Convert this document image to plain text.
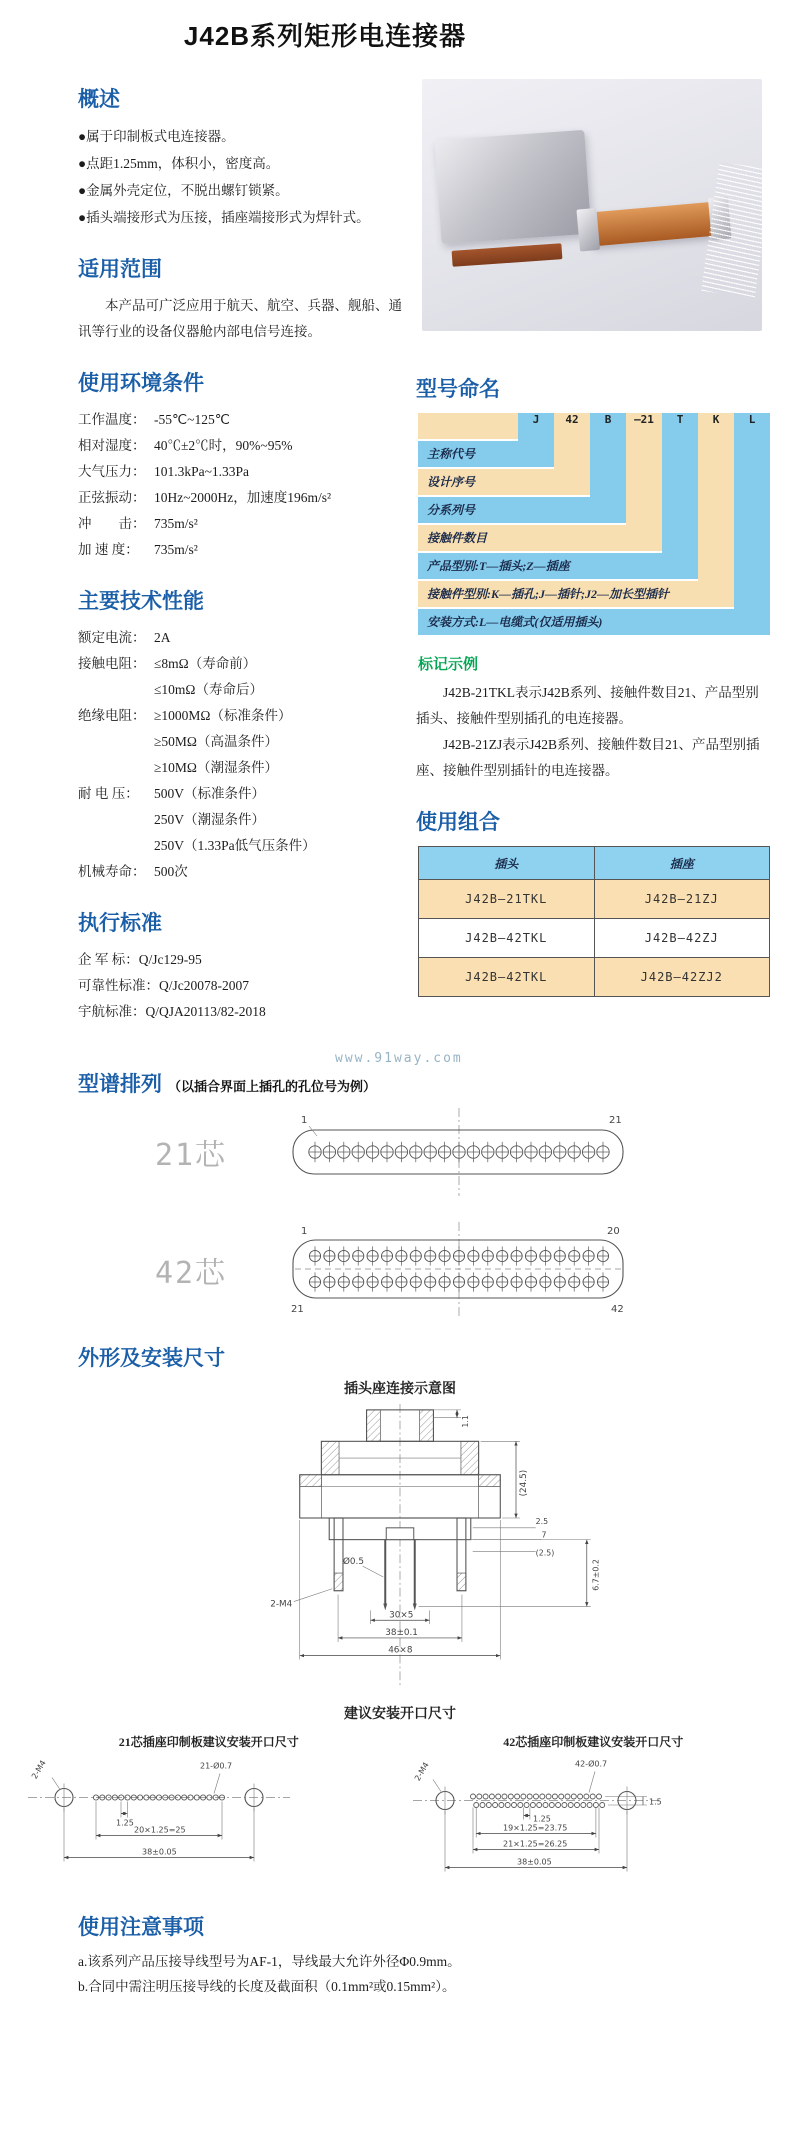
J42B系列矩形电连接器
概述
●属于印制板式电连接器。
●点距1.25mm，体积小，密度高。
●金属外壳定位，不脱出螺钉锁紧。
●插头端接形式为压接，插座端接形式为焊针式。
适用范围
本产品可广泛应用于航天、航空、兵器、舰船、通讯等行业的设备仪器舱内部电信号连接。
使用环境条件
工作温度： -55℃~125℃
相对湿度： 40℃±2℃时，90%~95%
大气压力： 101.3kPa~1.33Pa
正弦振动： 10Hz~2000Hz，加速度196m/s²
冲　　击： 735m/s²
加 速 度： 735m/s²
主要技术性能
额定电流： 2A
接触电阻： ≤8mΩ（寿命前）
≤10mΩ（寿命后）
绝缘电阻： ≥1000MΩ（标准条件）
≥50MΩ（高温条件）
≥10MΩ（潮湿条件）
耐 电 压： 500V（标准条件）
250V（潮湿条件）
250V（1.33Pa低气压条件）
机械寿命： 500次
执行标准
企 军 标：Q/Jc129-95
可靠性标准：Q/Jc20078-2007
宇航标准：Q/QJA20113/82-2018
型号命名
J	42	B	—21	T	K	L
主称代号
设计序号
分系列号
接触件数目
产品型别:T—插头;Z—插座
接触件型别:K—插孔;J—插针;J2—加长型插针
安装方式:L—电缆式(仅适用插头)
标记示例
J42B-21TKL表示J42B系列、接触件数目21、产品型别插头、接触件型别插孔的电连接器。
J42B-21ZJ表示J42B系列、接触件数目21、产品型别插座、接触件型别插针的电连接器。
使用组合
插头	插座
J42B—21TKL	J42B—21ZJ
J42B—42TKL	J42B—42ZJ
J42B—42TKL	J42B—42ZJ2
www.91way.com
型谱排列 （以插合界面上插孔的孔位号为例）
21芯
1	21
42芯
1	20
21	42
外形及安装尺寸
插头座连接示意图
1.1
Ø0.5
2-M4
30×5
38±0.1
46×8
(24.5)
2.5
7
(2.5)
6.7±0.2
建议安装开口尺寸
21芯插座印制板建议安装开口尺寸
2-M4	21-Ø0.7
1.25
20×1.25=25
38±0.05
42芯插座印制板建议安装开口尺寸
2-M4	42-Ø0.7
1.25
19×1.25=23.75
21×1.25=26.25
38±0.05
1.5
使用注意事项
a.该系列产品压接导线型号为AF-1，导线最大允许外径Φ0.9mm。
b.合同中需注明压接导线的长度及截面积（0.1mm²或0.15mm²）。
